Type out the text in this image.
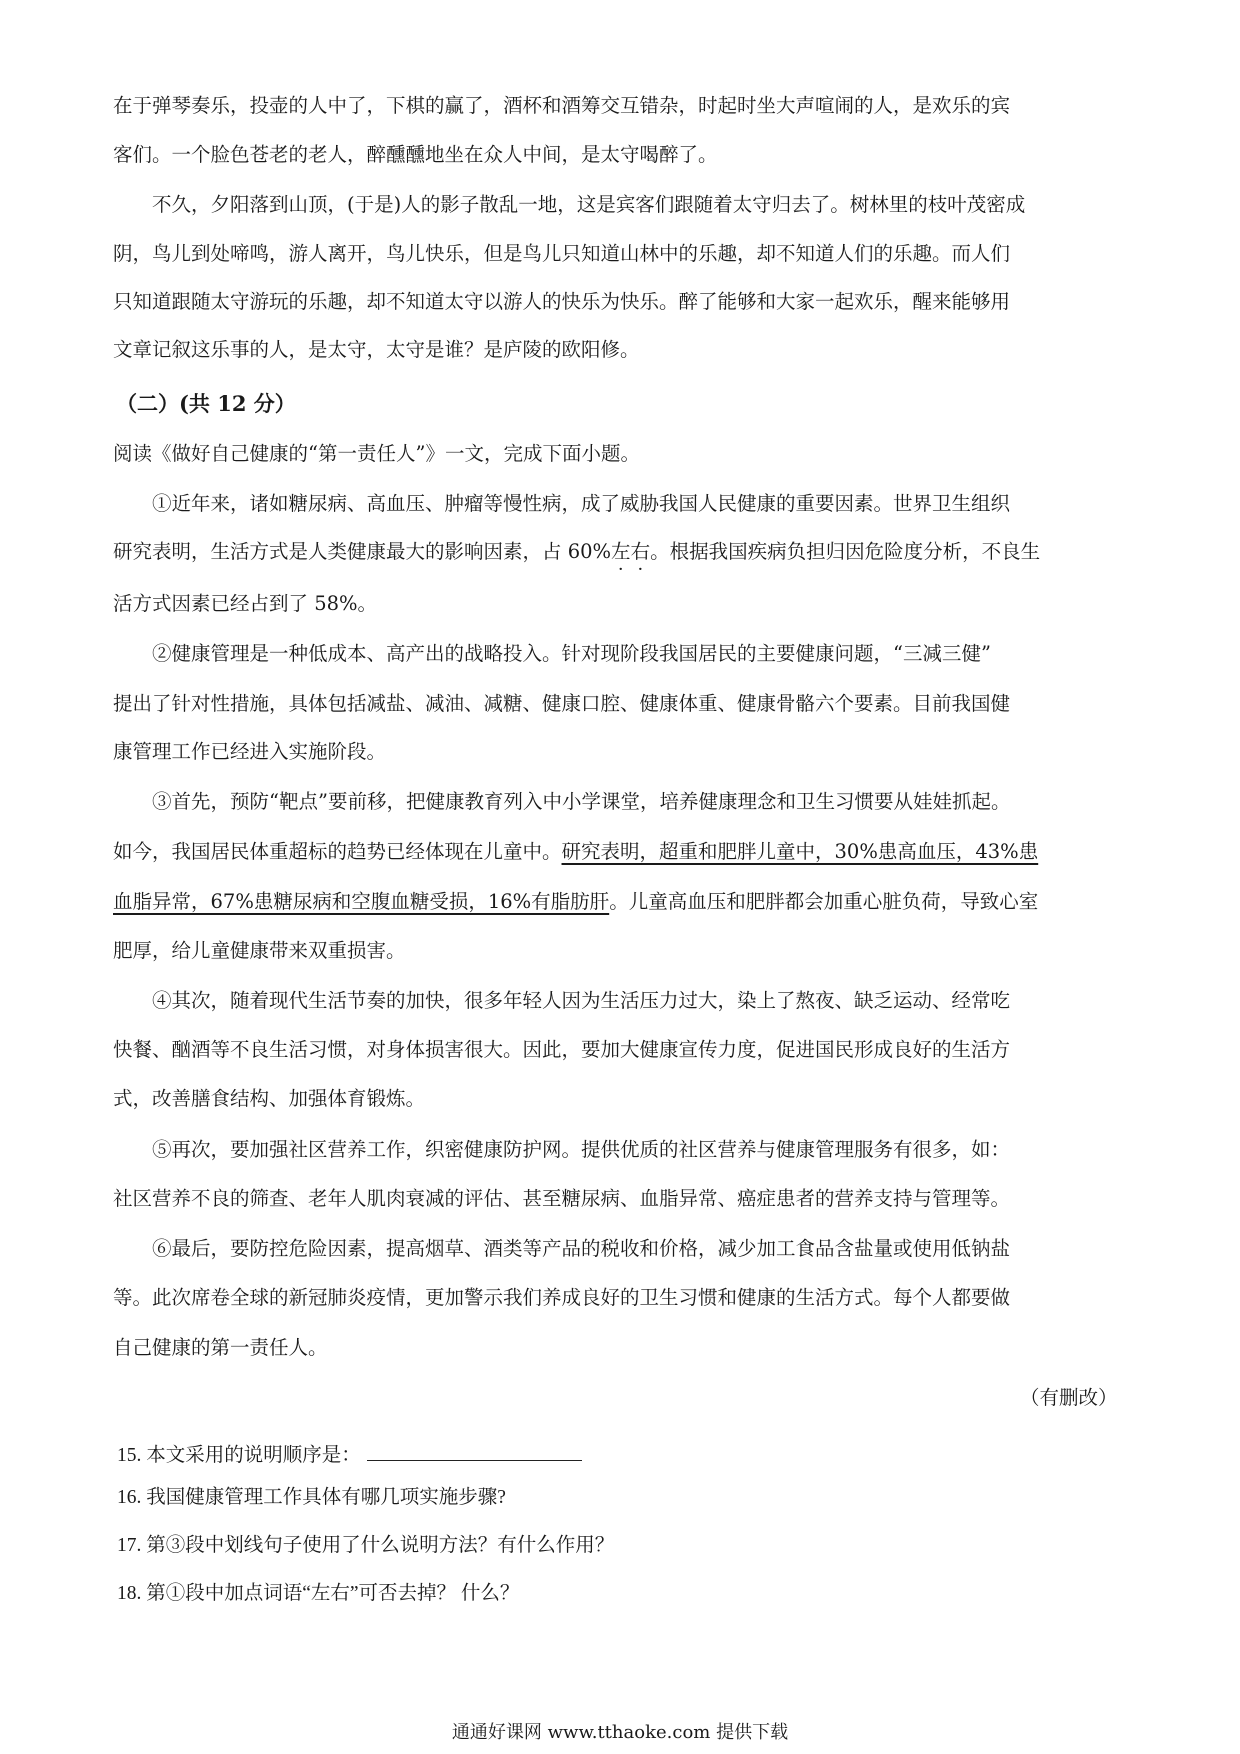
在于弹琴奏乐，投壶的人中了，下棋的赢了，酒杯和酒筹交互错杂，时起时坐大声喧闹的人，是欢乐的宾
客们。一个脸色苍老的老人，醉醺醺地坐在众人中间，是太守喝醉了。
不久，夕阳落到山顶，(于是)人的影子散乱一地，这是宾客们跟随着太守归去了。树林里的枝叶茂密成
阴，鸟儿到处啼鸣，游人离开，鸟儿快乐，但是鸟儿只知道山林中的乐趣，却不知道人们的乐趣。而人们
只知道跟随太守游玩的乐趣，却不知道太守以游人的快乐为快乐。醉了能够和大家一起欢乐，醒来能够用
文章记叙这乐事的人，是太守，太守是谁？是庐陵的欧阳修。
（二）(共 12 分）
阅读《做好自己健康的“第一责任人”》一文，完成下面小题。
①近年来，诸如糖尿病、高血压、肿瘤等慢性病，成了威胁我国人民健康的重要因素。世界卫生组织
研究表明，生活方式是人类健康最大的影响因素，占 60%左右。根据我国疾病负担归因危险度分析，不良生
活方式因素已经占到了 58%。
②健康管理是一种低成本、高产出的战略投入。针对现阶段我国居民的主要健康问题，“三减三健”
提出了针对性措施，具体包括减盐、减油、减糖、健康口腔、健康体重、健康骨骼六个要素。目前我国健
康管理工作已经进入实施阶段。
③首先，预防“靶点”要前移，把健康教育列入中小学课堂，培养健康理念和卫生习惯要从娃娃抓起。
如今，我国居民体重超标的趋势已经体现在儿童中。研究表明，超重和肥胖儿童中，30%患高血压，43%患
血脂异常，67%患糖尿病和空腹血糖受损，16%有脂肪肝。儿童高血压和肥胖都会加重心脏负荷，导致心室
肥厚，给儿童健康带来双重损害。
④其次，随着现代生活节奏的加快，很多年轻人因为生活压力过大，染上了熬夜、缺乏运动、经常吃
快餐、酗酒等不良生活习惯，对身体损害很大。因此，要加大健康宣传力度，促进国民形成良好的生活方
式，改善膳食结构、加强体育锻炼。
⑤再次，要加强社区营养工作，织密健康防护网。提供优质的社区营养与健康管理服务有很多，如：
社区营养不良的筛查、老年人肌肉衰减的评估、甚至糖尿病、血脂异常、癌症患者的营养支持与管理等。
⑥最后，要防控危险因素，提高烟草、酒类等产品的税收和价格，减少加工食品含盐量或使用低钠盐
等。此次席卷全球的新冠肺炎疫情，更加警示我们养成良好的卫生习惯和健康的生活方式。每个人都要做
自己健康的第一责任人。
（有删改）
15. 本文采用的说明顺序是：
16. 我国健康管理工作具体有哪几项实施步骤?
17. 第③段中划线句子使用了什么说明方法？有什么作用？
18. 第①段中加点词语“左右”可否去掉？ 什么？
通通好课网 www.tthaoke.com 提供下载
